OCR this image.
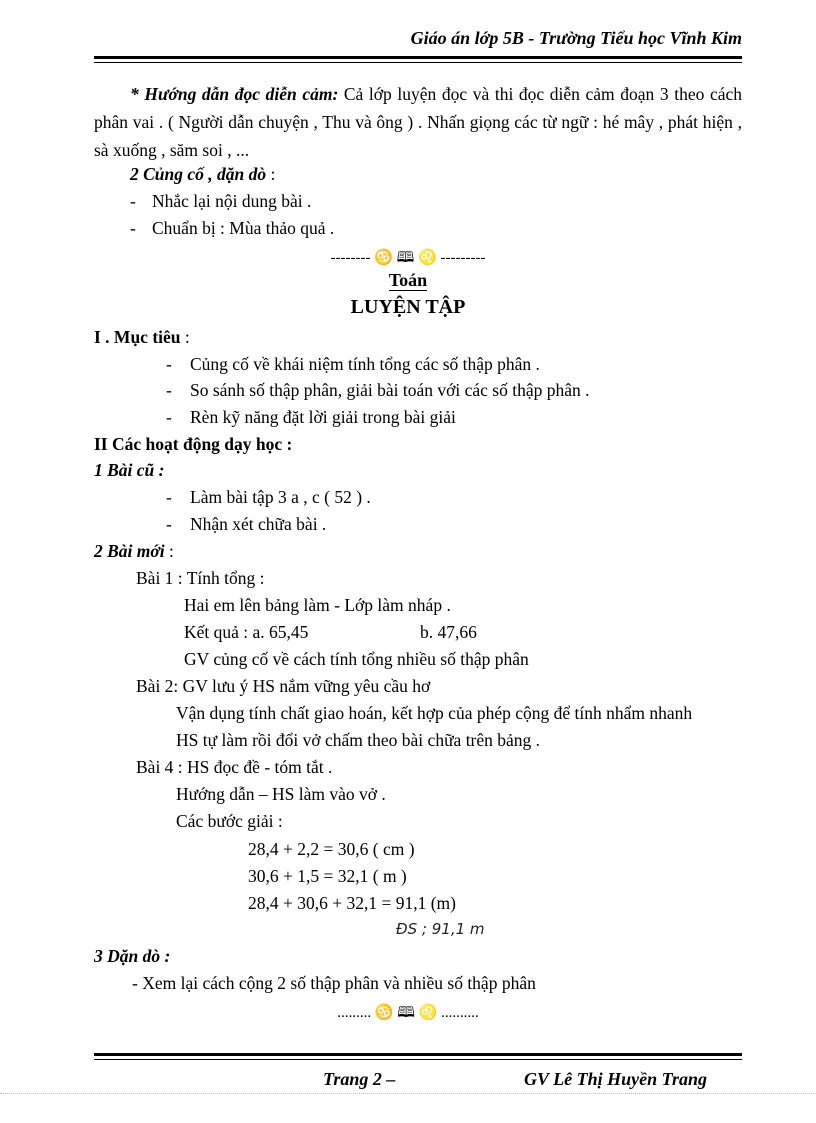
Giáo án lớp 5B - Trường Tiểu học Vĩnh Kim
* Hướng dẫn đọc diễn cảm: Cả lớp luyện đọc và thi đọc diễn cảm đoạn 3 theo cách phân vai . ( Người dẫn chuyện , Thu và ông ) . Nhấn giọng các từ ngữ : hé mây , phát hiện , sà xuống , săm soi , ...
2 Củng cố , dặn dò :
- Nhắc lại nội dung bài .
- Chuẩn bị : Mùa thảo quả .
-------- ♋ 🕮 ♌ ---------
Toán
LUYỆN TẬP
I . Mục tiêu :
- Củng cố về khái niệm tính tổng các số thập phân .
- So sánh số thập phân, giải bài toán với các số thập phân .
- Rèn kỹ năng đặt lời giải trong bài giải
II Các hoạt động dạy học :
1 Bài cũ :
- Làm bài tập 3 a , c ( 52 ) .
- Nhận xét chữa bài .
2 Bài mới :
Bài 1 : Tính tổng :
Hai em lên bảng làm - Lớp làm nháp .
Kết quả : a. 65,45	b. 47,66
GV củng cố về cách tính tổng nhiều số thập phân
Bài 2: GV lưu ý HS nắm vững yêu cầu hơ
Vận dụng tính chất giao hoán, kết hợp của phép cộng để tính nhẩm nhanh
HS tự làm rồi đổi vở chấm theo bài chữa trên bảng .
Bài 4 : HS đọc đề - tóm tắt .
Hướng dẫn – HS làm vào vở .
Các bước giải :
28,4 + 2,2 = 30,6 ( cm )
30,6 + 1,5 = 32,1 ( m )
28,4 + 30,6 + 32,1 = 91,1 (m)
ĐS ; 91,1 m
3 Dặn dò :
- Xem lại cách cộng 2 số thập phân và nhiều số thập phân
......... ♋ 🕮 ♌ ..........
Trang 2 –	GV Lê Thị Huyền Trang
